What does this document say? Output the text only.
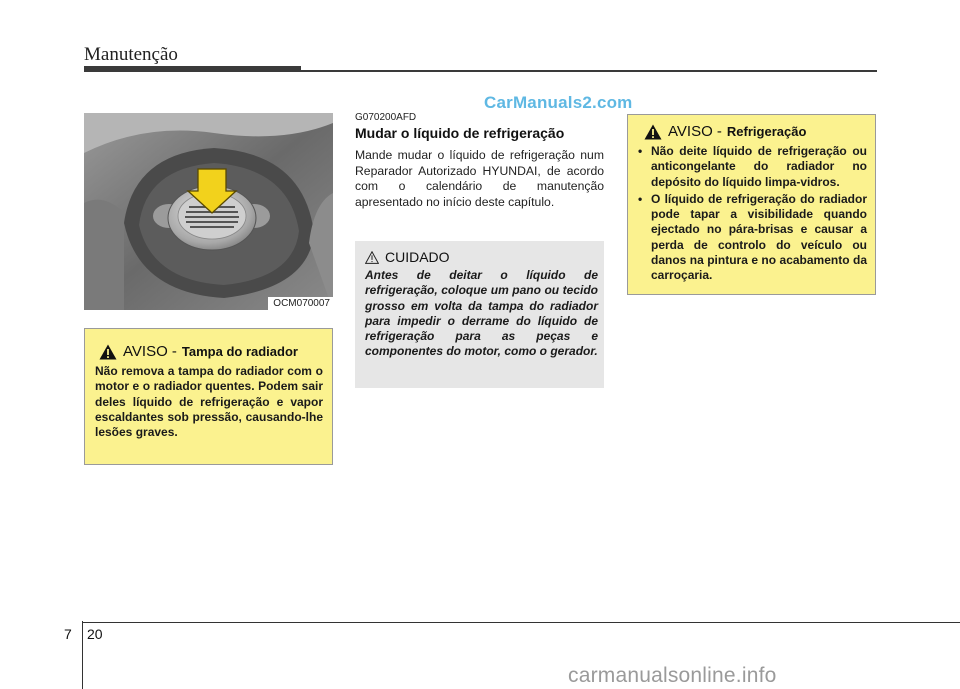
Manutenção
CarManuals2.com
OCM070007
G070200AFD
Mudar o líquido de refrigeração
Mande mudar o líquido de refrigeração num Reparador Autorizado HYUNDAI, de acordo com o calendário de manutenção apresentado no início deste capítulo.
CUIDADO
Antes de deitar o líquido de refrigeração, coloque um pano ou tecido grosso em volta da tampa do radiador para impedir o derrame do líquido de refrigeração para as peças e componentes do motor, como o gerador.
AVISO - Tampa do radiador
Não remova a tampa do radiador com o motor e o radiador quentes. Podem sair deles líquido de refrigeração e vapor escaldantes sob pressão, causando-lhe lesões graves.
AVISO - Refrigeração
• Não deite líquido de refrigeração ou anticongelante do radiador no depósito do líquido limpa-vidros.
• O líquido de refrigeração do radiador pode tapar a visibilidade quando ejectado no pára-brisas e causar a perda de controlo do veículo ou danos na pintura e no acabamento da carroçaria.
7 20
carmanualsonline.info
